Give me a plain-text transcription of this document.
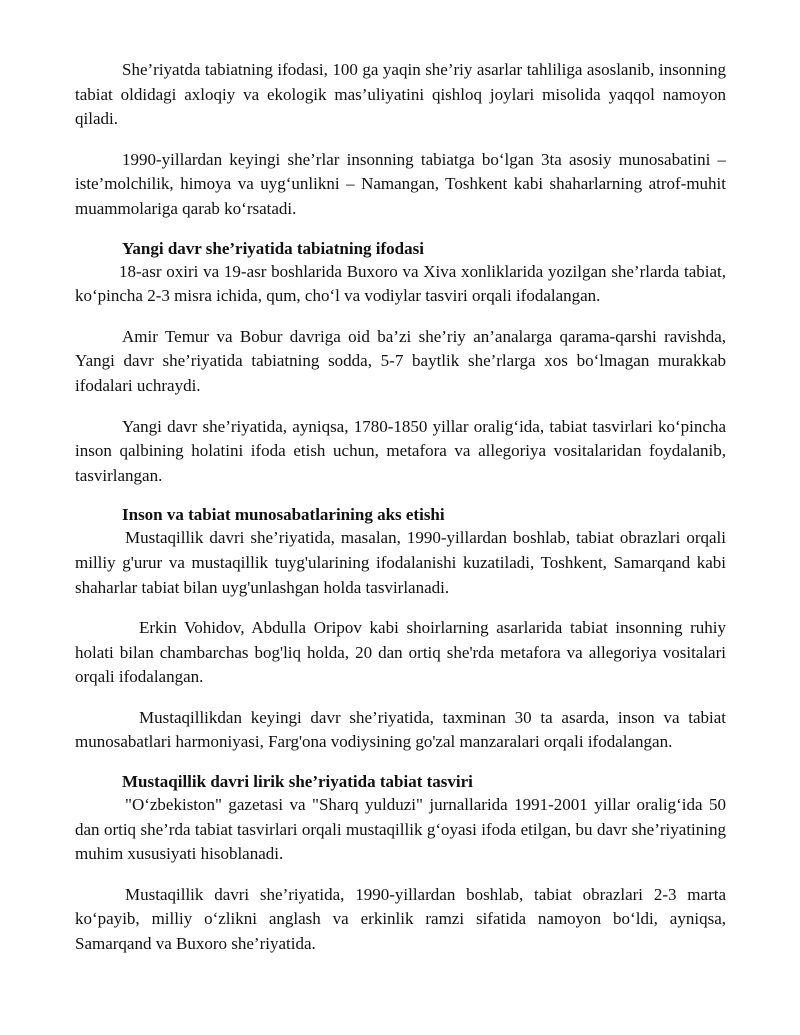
She’riyatda tabiatning ifodasi, 100 ga yaqin she’riy asarlar tahliliga asoslanib, insonning tabiat oldidagi axloqiy va ekologik mas’uliyatini qishloq joylari misolida yaqqol namoyon qiladi.

1990-yillardan keyingi she’rlar insonning tabiatga bo‘lgan 3ta asosiy munosabatini – iste’molchilik, himoya va uyg‘unlikni – Namangan, Toshkent kabi shaharlarning atrof-muhit muammolariga qarab ko‘rsatadi.

Yangi davr she’riyatida tabiatning ifodasi

18-asr oxiri va 19-asr boshlarida Buxoro va Xiva xonliklarida yozilgan she’rlarda tabiat, ko‘pincha 2-3 misra ichida, qum, cho‘l va vodiylar tasviri orqali ifodalangan.

Amir Temur va Bobur davriga oid ba’zi she’riy an’analarga qarama-qarshi ravishda, Yangi davr she’riyatida tabiatning sodda, 5-7 baytlik she’rlarga xos bo‘lmagan murakkab ifodalari uchraydi.

Yangi davr she’riyatida, ayniqsa, 1780-1850 yillar oralig‘ida, tabiat tasvirlari ko‘pincha inson qalbining holatini ifoda etish uchun, metafora va allegoriya vositalaridan foydalanib, tasvirlangan.

Inson va tabiat munosabatlarining aks etishi

Mustaqillik davri she’riyatida, masalan, 1990-yillardan boshlab, tabiat obrazlari orqali milliy g'urur va mustaqillik tuyg'ularining ifodalanishi kuzatiladi, Toshkent, Samarqand kabi shaharlar tabiat bilan uyg'unlashgan holda tasvirlanadi.

Erkin Vohidov, Abdulla Oripov kabi shoirlarning asarlarida tabiat insonning ruhiy holati bilan chambarchas bog'liq holda, 20 dan ortiq she'rda metafora va allegoriya vositalari orqali ifodalangan.

Mustaqillikdan keyingi davr she’riyatida, taxminan 30 ta asarda, inson va tabiat munosabatlari harmoniyasi, Farg'ona vodiysining go'zal manzaralari orqali ifodalangan.

Mustaqillik davri lirik she’riyatida tabiat tasviri

"O‘zbekiston" gazetasi va "Sharq yulduzi" jurnallarida 1991-2001 yillar oralig‘ida 50 dan ortiq she’rda tabiat tasvirlari orqali mustaqillik g‘oyasi ifoda etilgan, bu davr she’riyatining muhim xususiyati hisoblanadi.

Mustaqillik davri she’riyatida, 1990-yillardan boshlab, tabiat obrazlari 2-3 marta ko‘payib, milliy o‘zlikni anglash va erkinlik ramzi sifatida namoyon bo‘ldi, ayniqsa, Samarqand va Buxoro she’riyatida.
